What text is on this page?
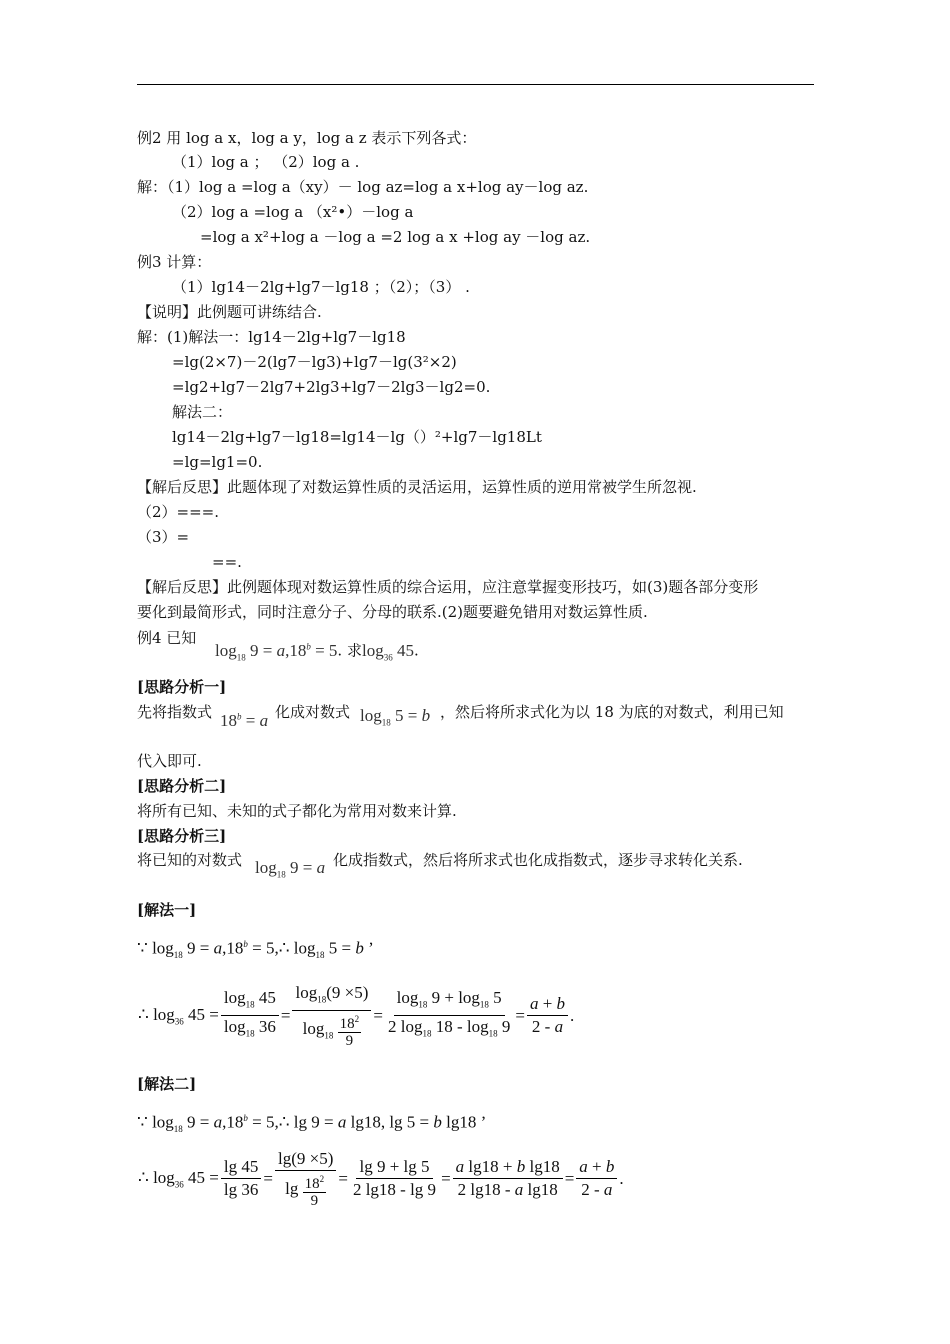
例2 用 log a x，log a y，log a z 表示下列各式：
（1）log a ； （2）log a .
解：（1）log a =log a（xy）－ log az=log a x+log ay－log az.
（2）log a =log a （x²•）－log a
=log a x²+log a －log a =2 log a x +log ay －log az.
例3 计算：
（1）lg14－2lg+lg7－lg18 ；（2）；（3） .
【说明】此例题可讲练结合.
解：(1)解法一：lg14－2lg+lg7－lg18
=lg(2×7)－2(lg7－lg3)+lg7－lg(3²×2)
=lg2+lg7－2lg7+2lg3+lg7－2lg3－lg2=0.
解法二：
lg14－2lg+lg7－lg18=lg14－lg（）²+lg7－lg18Lt
=lg=lg1=0.
【解后反思】此题体现了对数运算性质的灵活运用，运算性质的逆用常被学生所忽视.
（2）===.
（3）=
==.
【解后反思】此例题体现对数运算性质的综合运用，应注意掌握变形技巧，如(3)题各部分变形
要化到最简形式，同时注意分子、分母的联系.(2)题要避免错用对数运算性质.
例4 已知
[思路分析一]
先将指数式
代入即可.
[思路分析二]
将所有已知、未知的式子都化为常用对数来计算.
[思路分析三]
将已知的对数式
[解法一]
[解法二]
$\log_{18} 9 = a,18^b = 5$. 求$\log_{36} 45$.
$18^b = a$ 化成对数式 $\log_{18} 5 = b$ ，然后将所求式化为以 18 为底的对数式，利用已知
$\log_{18} 9 = a$ 化成指数式，然后将所求式也化成指数式，逐步寻求转化关系.
∵ $\log_{18} 9 = a,18^b$ = 5,∴ $\log_{18} 5 = b$ ’
∴ $\log_{36} 45 = \frac{\log_{18} 45}{\log_{18} 36} = \frac{\log_{18}(9 \times 5)}{\log_{18} \frac{18^2}{9}} = \frac{\log_{18} 9 + \log_{18} 5}{2 \log_{18} 18 - \log_{18} 9} = \frac{a + b}{2 - a}$ .
∵ $\log_{18} 9 = a,18^b$ = 5,∴ lg 9 = a lg18, lg 5 = b lg18 ’
∴ $\log_{36} 45 = \frac{\lg 45}{\lg 36} = \frac{\lg(9 \times 5)}{\lg \frac{18^2}{9}} = \frac{\lg 9 + \lg 5}{2 \lg 18 - \lg 9} = \frac{\text{a lg18 + b lg18}}{\text{2 lg18 - a lg18}} = \frac{a + b}{2 - a}$ .
